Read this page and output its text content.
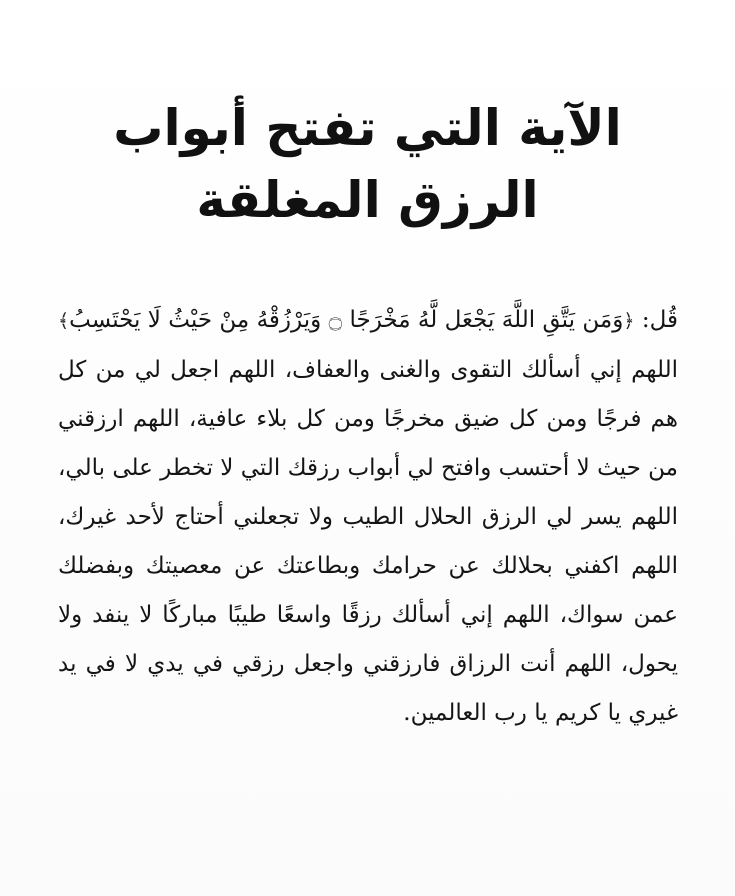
الآية التي تفتح أبواب
الرزق المغلقة

قُل: ﴿وَمَن يَتَّقِ اللَّهَ يَجْعَل لَّهُ مَخْرَجًا ۝ وَيَرْزُقْهُ مِنْ حَيْثُ لَا يَحْتَسِبُ﴾ اللهم إني أسألك التقوى والغنى والعفاف، اللهم اجعل لي من كل هم فرجًا ومن كل ضيق مخرجًا ومن كل بلاء عافية، اللهم ارزقني من حيث لا أحتسب وافتح لي أبواب رزقك التي لا تخطر على بالي، اللهم يسر لي الرزق الحلال الطيب ولا تجعلني أحتاج لأحد غيرك، اللهم اكفني بحلالك عن حرامك وبطاعتك عن معصيتك وبفضلك عمن سواك، اللهم إني أسألك رزقًا واسعًا طيبًا مباركًا لا ينفد ولا يحول، اللهم أنت الرزاق فارزقني واجعل رزقي في يدي لا في يد غيري يا كريم يا رب العالمين.
